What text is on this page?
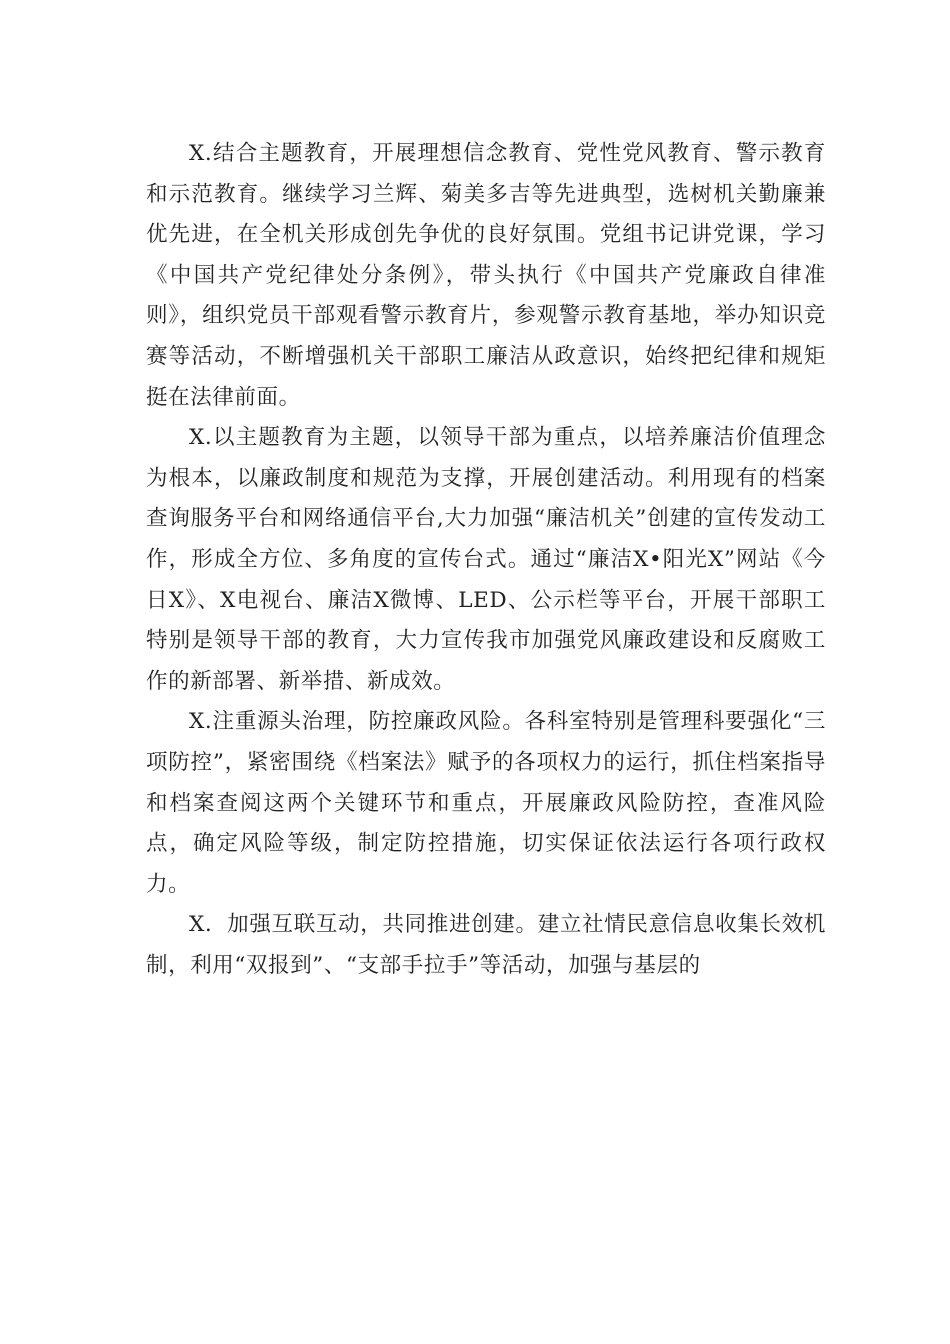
X.结合主题教育，开展理想信念教育、党性党风教育、警示教育和示范教育。继续学习兰辉、菊美多吉等先进典型，选树机关勤廉兼优先进，在全机关形成创先争优的良好氛围。党组书记讲党课，学习《中国共产党纪律处分条例》，带头执行《中国共产党廉政自律准则》，组织党员干部观看警示教育片，参观警示教育基地，举办知识竞赛等活动，不断增强机关干部职工廉洁从政意识，始终把纪律和规矩挺在法律前面。

X.以主题教育为主题，以领导干部为重点，以培养廉洁价值理念为根本，以廉政制度和规范为支撑，开展创建活动。利用现有的档案查询服务平台和网络通信平台,大力加强“廉洁机关”创建的宣传发动工作，形成全方位、多角度的宣传台式。通过“廉洁X•阳光X”网站《今日X》、X电视台、廉洁X微博、LED、公示栏等平台，开展干部职工特别是领导干部的教育，大力宣传我市加强党风廉政建设和反腐败工作的新部署、新举措、新成效。

X.注重源头治理，防控廉政风险。各科室特别是管理科要强化“三项防控”，紧密围绕《档案法》赋予的各项权力的运行，抓住档案指导和档案查阅这两个关键环节和重点，开展廉政风险防控，查准风险点，确定风险等级，制定防控措施，切实保证依法运行各项行政权力。

X．加强互联互动，共同推进创建。建立社情民意信息收集长效机制，利用“双报到”、“支部手拉手”等活动，加强与基层的
